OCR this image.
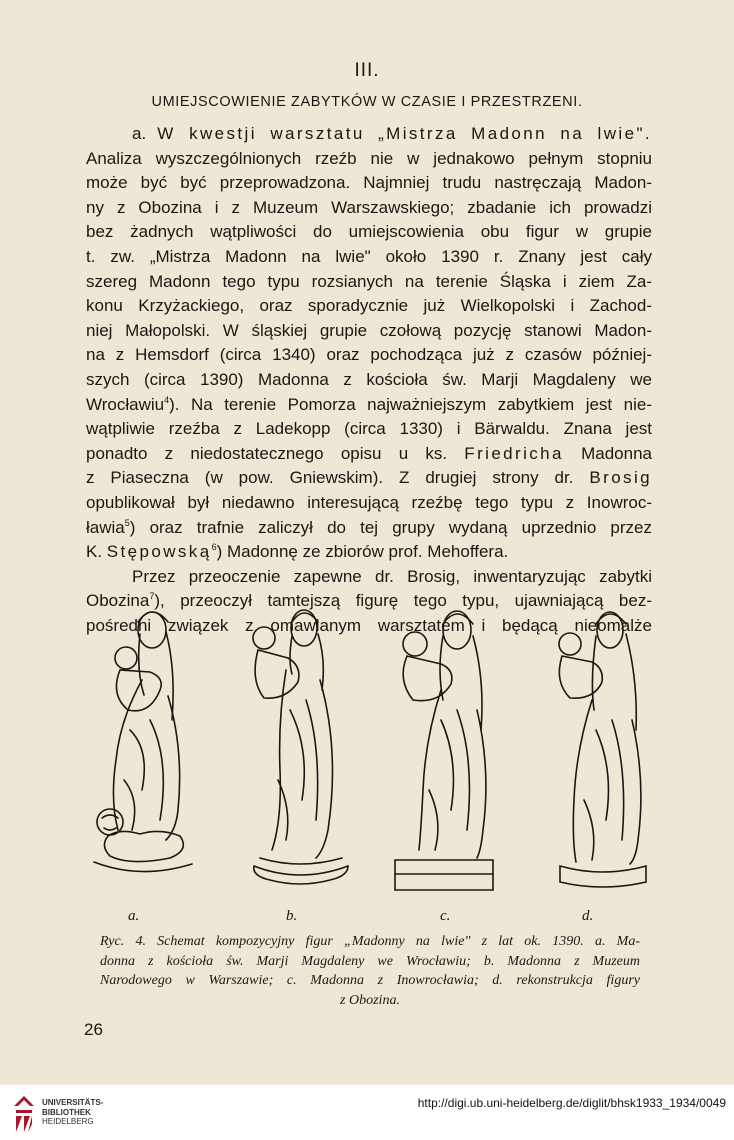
III.
UMIEJSCOWIENIE ZABYTKÓW W CZASIE I PRZESTRZENI.
a. W kwestji warsztatu „Mistrza Madonn na lwie".
Analiza wyszczególnionych rzeźb nie w jednakowo pełnym stopniu
może być być przeprowadzona. Najmniej trudu nastręczają Madon-
ny z Obozina i z Muzeum Warszawskiego; zbadanie ich prowadzi
bez żadnych wątpliwości do umiejscowienia obu figur w grupie
t. zw. „Mistrza Madonn na lwie" około 1390 r. Znany jest cały
szereg Madonn tego typu rozsianych na terenie Śląska i ziem Za-
konu Krzyżackiego, oraz sporadycznie już Wielkopolski i Zachod-
niej Małopolski. W śląskiej grupie czołową pozycję stanowi Madon-
na z Hemsdorf (circa 1340) oraz pochodząca już z czasów później-
szych (circa 1390) Madonna z kościoła św. Marji Magdaleny we
Wrocławiu$^4$). Na terenie Pomorza najważniejszym zabytkiem jest nie-
wątpliwie rzeźba z Ladekopp (circa 1330) i Bärwaldu. Znana jest
ponadto z niedostatecznego opisu u ks. Friedricha Madonna
z Piaseczna (w pow. Gniewskim). Z drugiej strony dr. Brosig
opublikował był niedawno interesującą rzeźbę tego typu z Inowroc-
ławia$^5$) oraz trafnie zaliczył do tej grupy wydaną uprzednio przez
K. Stępowską$^6$) Madonnę ze zbiorów prof. Mehoffera.
Przez przeoczenie zapewne dr. Brosig, inwentaryzując zabytki
Obozina$^7$), przeoczył tamtejszą figurę tego typu, ujawniającą bez-
pośredni związek z omawianym warsztatem i będącą nieomalże
a.	b.	c.	d.
Ryc. 4. Schemat kompozycyjny figur „Madonny na lwie" z lat ok. 1390. a. Ma-
donna z kościoła św. Marji Magdaleny we Wrocławiu; b. Madonna z Muzeum
Narodowego w Warszawie; c. Madonna z Inowrocławia; d. rekonstrukcja figury
z Obozina.
26
UNIVERSITÄTS-
BIBLIOTHEK
HEIDELBERG
http://digi.ub.uni-heidelberg.de/diglit/bhsk1933_1934/0049
